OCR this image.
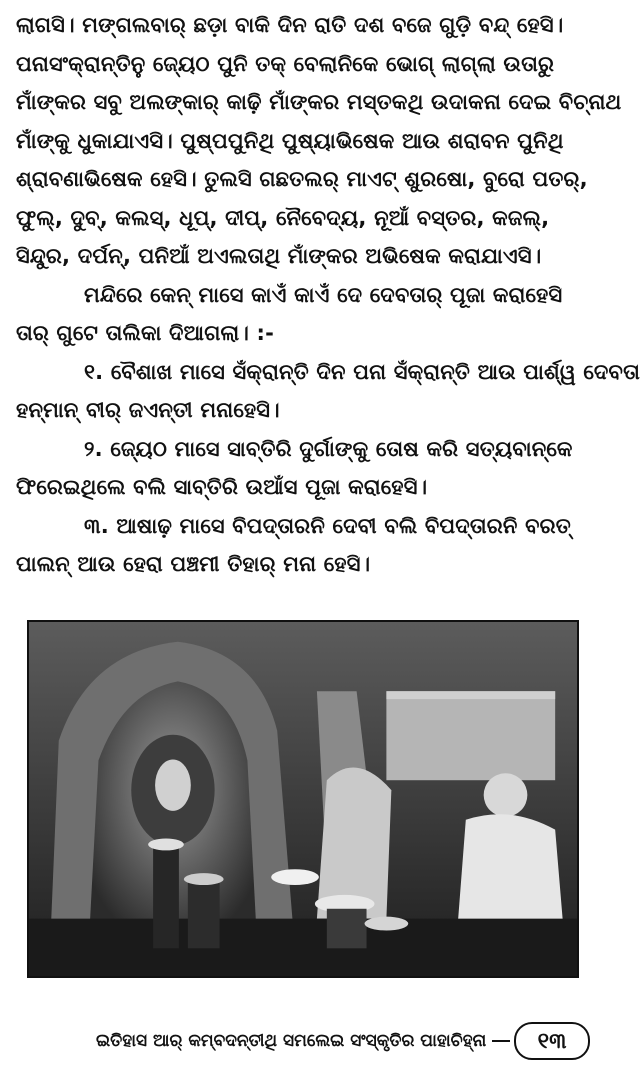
ଲାଗସି। ମଙ୍ଗଲବାର୍ ଛଡ଼ା ବାକି ଦିନ ରାତି ଦଶ ବଜେ ଗୁଡ଼ି ବନ୍ଦ୍ ହେସି।
ପନାସଂକ୍ରାନ୍ତିନୁ ଜ୍ୟେଠ ପୁନି ତକ୍ ବେଲାନିକେ ଭୋଗ୍ ଲାଗ୍ଲା ଉତାରୁ
ମାଁଙ୍କର ସବୁ ଅଲଙ୍କାର୍ କାଢ଼ି ମାଁଙ୍କର ମସ୍ତକଥି ଉଦାକନା ଦେଇ ବିଚ୍‌ନାଥ
ମାଁଙ୍କୁ ଧୁକାଯାଏସି। ପୁଷ୍ପପୁନିଥି ପୁଷ୍ୟାଭିଷେକ ଆଉ ଶରାବନ ପୁନିଥି
ଶ୍ରାବଣାଭିଷେକ ହେସି। ତୁଲସି ଗଛତଲର୍ ମାଏଟ୍ ଶୁରଷୋ, ବୁରୋ ପତର୍,
ଫୁଲ୍, ଦୁବ୍, କଲସ୍, ଧୂପ୍, ଦୀପ୍, ନୈବେଦ୍ୟ, ନୂଆଁ ବସ୍ତର, କଜଲ୍,
ସିନ୍ଦୁର, ଦର୍ପନ୍, ପନିଆଁ ଅଏଲତାଥି ମାଁଙ୍କର ଅଭିଷେକ କରାଯାଏସି।
ମନ୍ଦିରେ କେନ୍ ମାସେ କାଏଁ କାଏଁ ଦେ ଦେବତାର୍ ପୂଜା କରାହେସି
ତାର୍ ଗୁଟେ ତାଲିକା ଦିଆଗଲା। :-
୧. ବୈଶାଖ ମାସେ ସଁକ୍ରାନ୍ତି ଦିନ ପନା ସଁକ୍ରାନ୍ତି ଆଉ ପାର୍ଶ୍ୱ ଦେବତା
ହନ୍‌ମାନ୍ ବୀର୍ ଜଏନ୍ତୀ ମନାହେସି।
୨. ଜ୍ୟେଠ ମାସେ ସାବ୍‌ତିରି ଦୁର୍ଗାଙ୍କୁ ତୋଷ କରି ସତ୍ୟବାନ୍‌କେ
ଫିରେଇଥିଲେ ବଲି ସାବ୍‌ତିରି ଉଆଁସ ପୂଜା କରାହେସି।
୩. ଆଷାଢ଼ ମାସେ ବିପଦ୍‌ତାରନି ଦେବୀ ବଲି ବିପଦ୍‌ତାରନି ବରତ୍
ପାଲନ୍ ଆଉ ହେରା ପଞ୍ଚମୀ ତିହାର୍ ମନା ହେସି।
ଇତିହାସ ଆର୍ କମ୍ବଦନ୍ତୀଥି ସମଲେଇ ସଂସ୍କୃତିର ପାହାଚିହ୍ନା	୧୩
